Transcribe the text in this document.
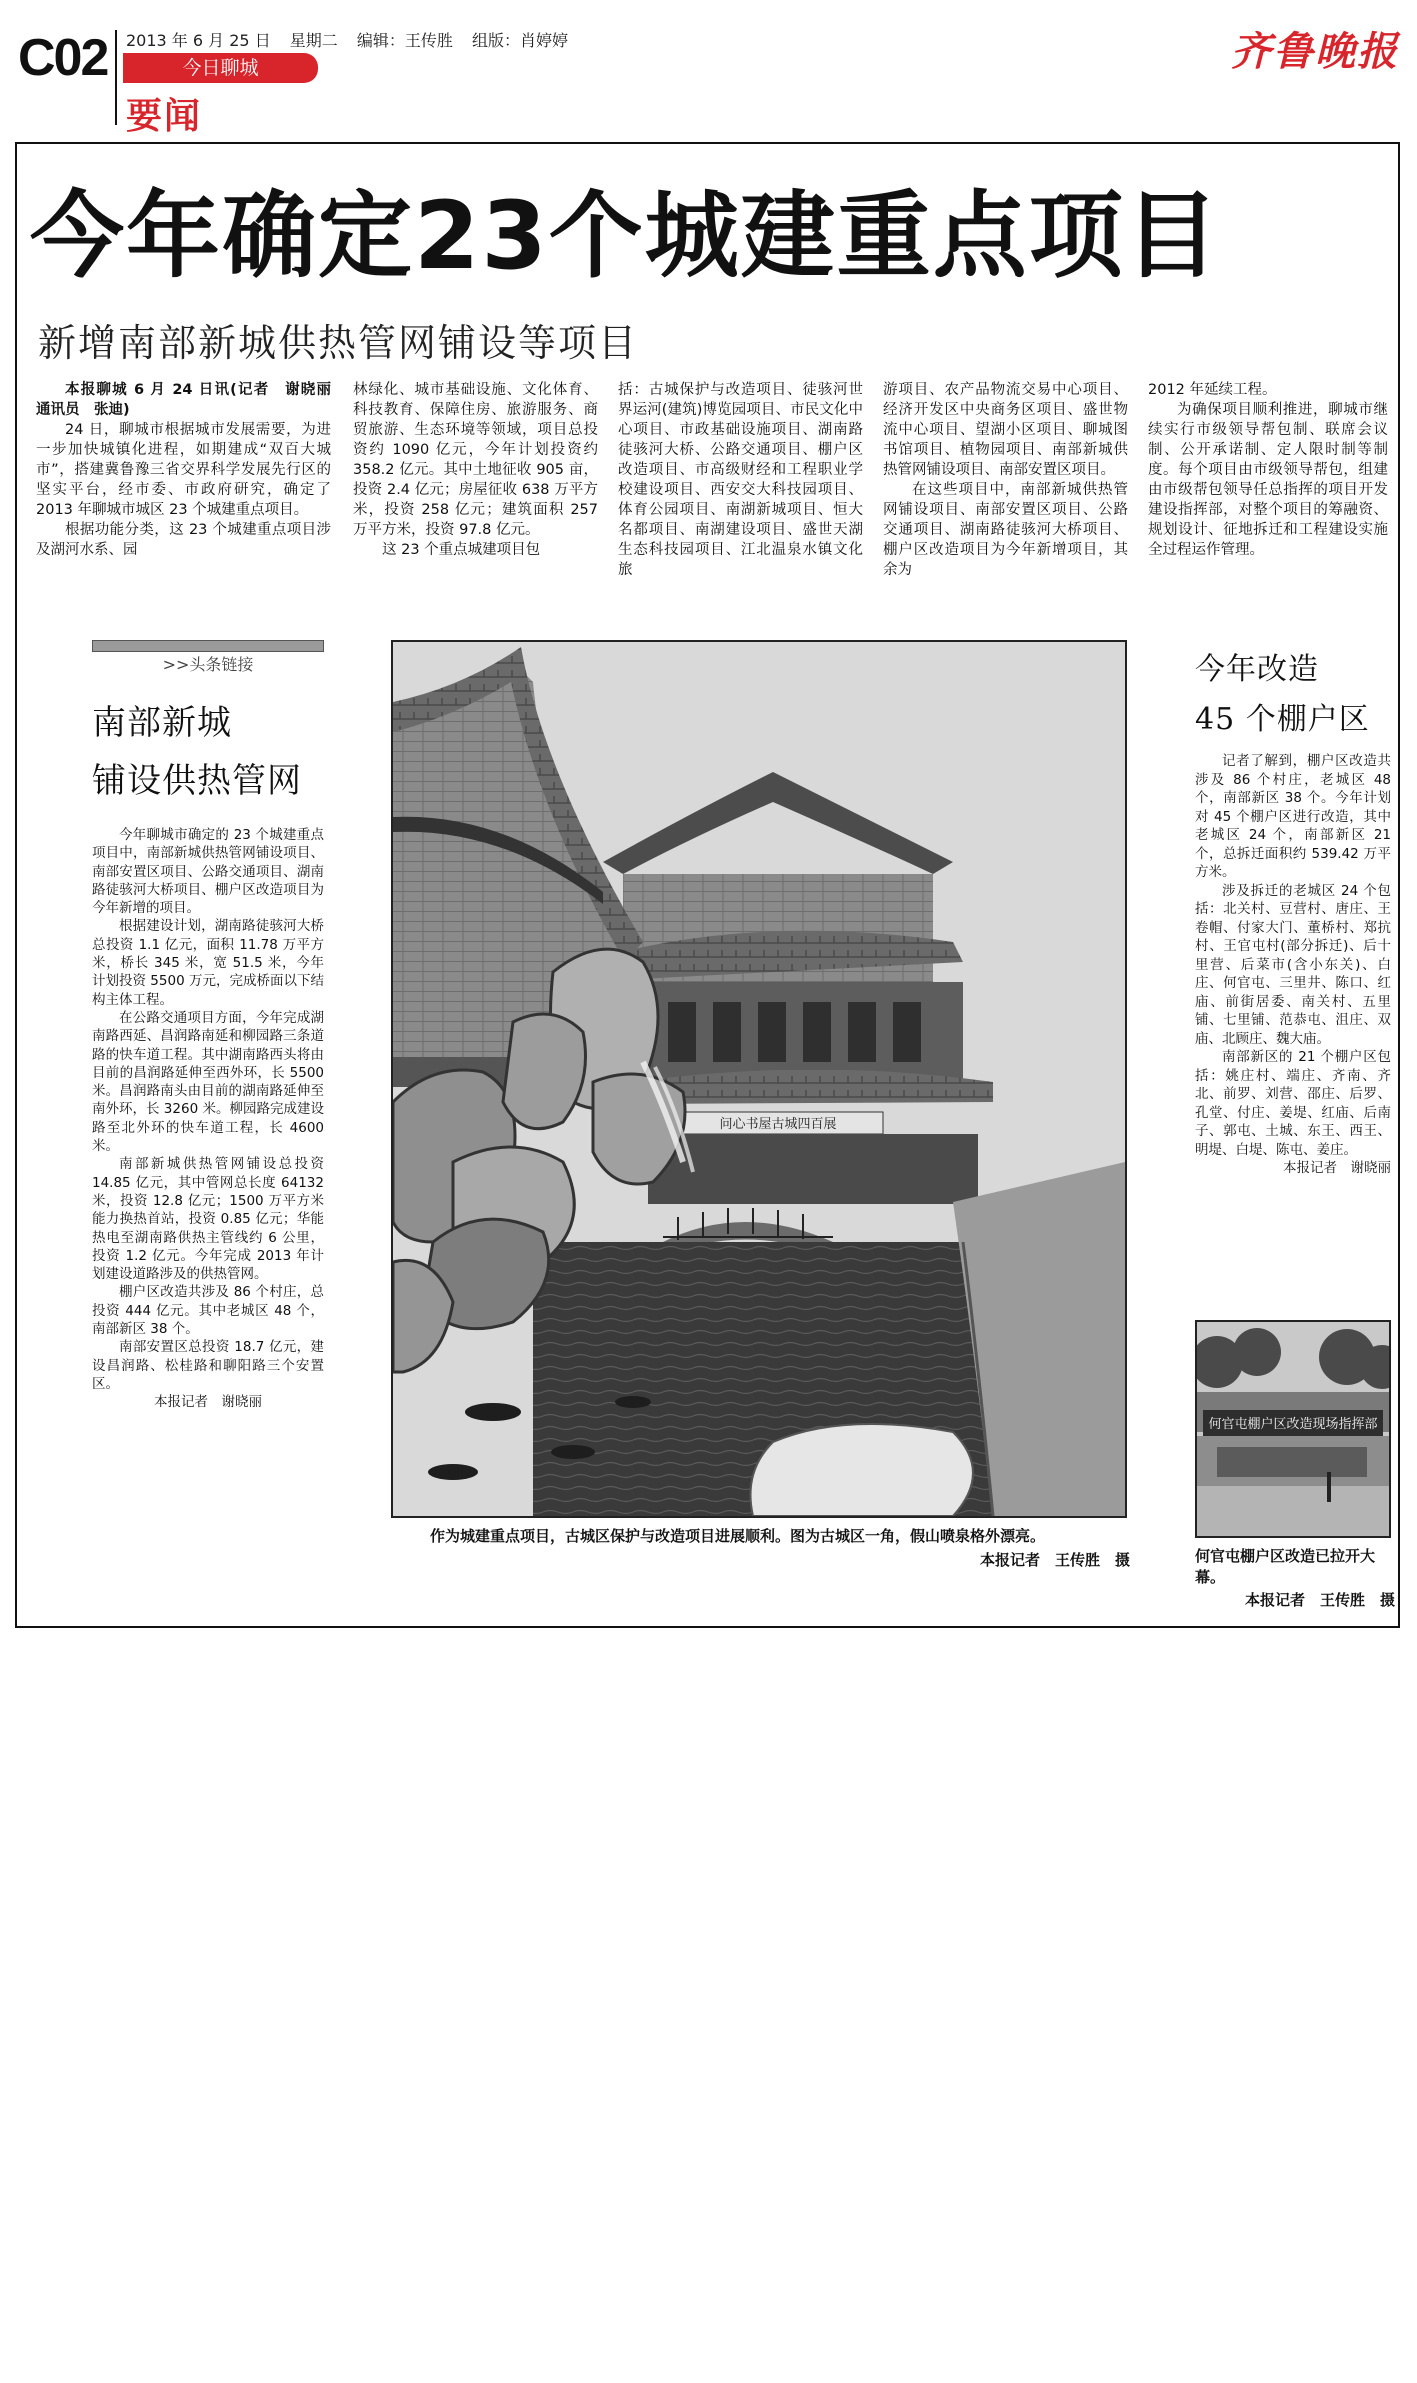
C02 2013 年 6 月 25 日 星期二 编辑：王传胜 组版：肖婷婷
今日聊城
要闻
齐鲁晚报
今年确定23个城建重点项目
新增南部新城供热管网铺设等项目

本报聊城 6 月 24 日讯(记者　谢晓丽　通讯员　张迪)

24 日，聊城市根据城市发展需要，为进一步加快城镇化进程，如期建成“双百大城市”，搭建冀鲁豫三省交界科学发展先行区的坚实平台，经市委、市政府研究，确定了 2013 年聊城市城区 23 个城建重点项目。

根据功能分类，这 23 个城建重点项目涉及湖河水系、园

林绿化、城市基础设施、文化体育、科技教育、保障住房、旅游服务、商贸旅游、生态环境等领域，项目总投资约 1090 亿元，今年计划投资约 358.2 亿元。其中土地征收 905 亩，投资 2.4 亿元；房屋征收 638 万平方米，投资 258 亿元；建筑面积 257 万平方米，投资 97.8 亿元。

这 23 个重点城建项目包

括：古城保护与改造项目、徒骇河世界运河(建筑)博览园项目、市民文化中心项目、市政基础设施项目、湖南路徒骇河大桥、公路交通项目、棚户区改造项目、市高级财经和工程职业学校建设项目、西安交大科技园项目、体育公园项目、南湖新城项目、恒大名都项目、南湖建设项目、盛世天湖生态科技园项目、江北温泉水镇文化旅

游项目、农产品物流交易中心项目、经济开发区中央商务区项目、盛世物流中心项目、望湖小区项目、聊城图书馆项目、植物园项目、南部新城供热管网铺设项目、南部安置区项目。

在这些项目中，南部新城供热管网铺设项目、南部安置区项目、公路交通项目、湖南路徒骇河大桥项目、棚户区改造项目为今年新增项目，其余为

2012 年延续工程。

为确保项目顺利推进，聊城市继续实行市级领导帮包制、联席会议制、公开承诺制、定人限时制等制度。每个项目由市级领导帮包，组建由市级帮包领导任总指挥的项目开发建设指挥部，对整个项目的筹融资、规划设计、征地拆迁和工程建设实施全过程运作管理。

>>头条链接
南部新城
铺设供热管网

今年聊城市确定的 23 个城建重点项目中，南部新城供热管网铺设项目、南部安置区项目、公路交通项目、湖南路徒骇河大桥项目、棚户区改造项目为今年新增的项目。

根据建设计划，湖南路徒骇河大桥总投资 1.1 亿元，面积 11.78 万平方米，桥长 345 米，宽 51.5 米，今年计划投资 5500 万元，完成桥面以下结构主体工程。

在公路交通项目方面，今年完成湖南路西延、昌润路南延和柳园路三条道路的快车道工程。其中湖南路西头将由目前的昌润路延伸至西外环，长 5500 米。昌润路南头由目前的湖南路延伸至南外环，长 3260 米。柳园路完成建设路至北外环的快车道工程，长 4600 米。

南部新城供热管网铺设总投资 14.85 亿元，其中管网总长度 64132 米，投资 12.8 亿元；1500 万平方米能力换热首站，投资 0.85 亿元；华能热电至湖南路供热主管线约 6 公里，投资 1.2 亿元。今年完成 2013 年计划建设道路涉及的供热管网。

棚户区改造共涉及 86 个村庄，总投资 444 亿元。其中老城区 48 个，南部新区 38 个。

南部安置区总投资 18.7 亿元，建设昌润路、松桂路和聊阳路三个安置区。

本报记者　谢晓丽

问心书屋古城四百展
作为城建重点项目，古城区保护与改造项目进展顺利。图为古城区一角，假山喷泉格外漂亮。
本报记者　王传胜　摄
今年改造
45 个棚户区

记者了解到，棚户区改造共涉及 86 个村庄，老城区 48 个，南部新区 38 个。今年计划对 45 个棚户区进行改造，其中老城区 24 个，南部新区 21 个，总拆迁面积约 539.42 万平方米。

涉及拆迁的老城区 24 个包括：北关村、豆营村、唐庄、王卷帽、付家大门、董桥村、郑抗村、王官屯村(部分拆迁)、后十里营、后菜市(含小东关)、白庄、何官屯、三里井、陈口、红庙、前街居委、南关村、五里铺、七里铺、范恭屯、沮庄、双庙、北顾庄、魏大庙。

南部新区的 21 个棚户区包括：姚庄村、端庄、齐南、齐北、前罗、刘营、邵庄、后罗、孔堂、付庄、姜堤、红庙、后南子、郭屯、土城、东王、西王、明堤、白堤、陈屯、姜庄。

本报记者　谢晓丽

何官屯棚户区改造现场指挥部
何官屯棚户区改造已拉开大幕。
本报记者　王传胜　摄
